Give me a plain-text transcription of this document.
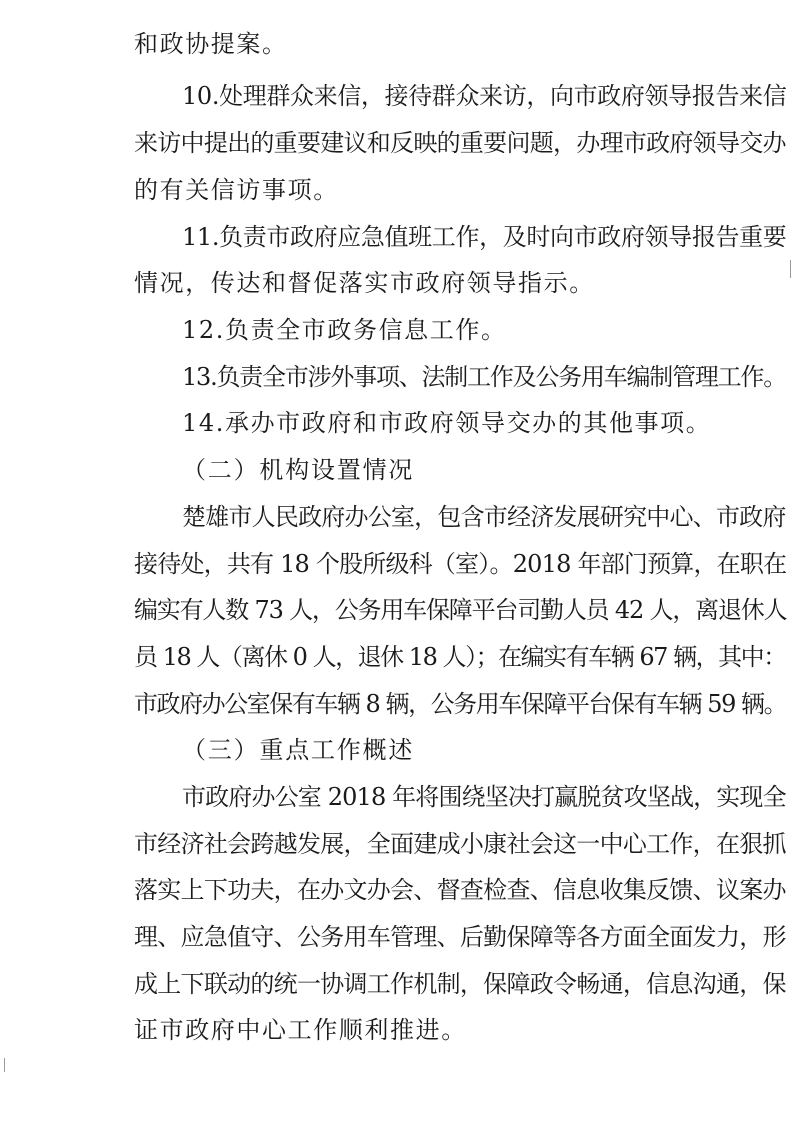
和政协提案。

10.处理群众来信，接待群众来访，向市政府领导报告来信

来访中提出的重要建议和反映的重要问题，办理市政府领导交办

的有关信访事项。

11.负责市政府应急值班工作，及时向市政府领导报告重要

情况，传达和督促落实市政府领导指示。

12.负责全市政务信息工作。

13.负责全市涉外事项、法制工作及公务用车编制管理工作。

14.承办市政府和市政府领导交办的其他事项。

（二）机构设置情况

楚雄市人民政府办公室，包含市经济发展研究中心、市政府

接待处，共有 18 个股所级科（室）。2018 年部门预算，在职在

编实有人数 73 人，公务用车保障平台司勤人员 42 人，离退休人

员 18 人（离休 0 人，退休 18 人）；在编实有车辆 67 辆，其中：

市政府办公室保有车辆 8 辆，公务用车保障平台保有车辆 59 辆。

（三）重点工作概述

市政府办公室 2018 年将围绕坚决打赢脱贫攻坚战，实现全

市经济社会跨越发展，全面建成小康社会这一中心工作，在狠抓

落实上下功夫，在办文办会、督查检查、信息收集反馈、议案办

理、应急值守、公务用车管理、后勤保障等各方面全面发力，形

成上下联动的统一协调工作机制，保障政令畅通，信息沟通，保

证市政府中心工作顺利推进。
